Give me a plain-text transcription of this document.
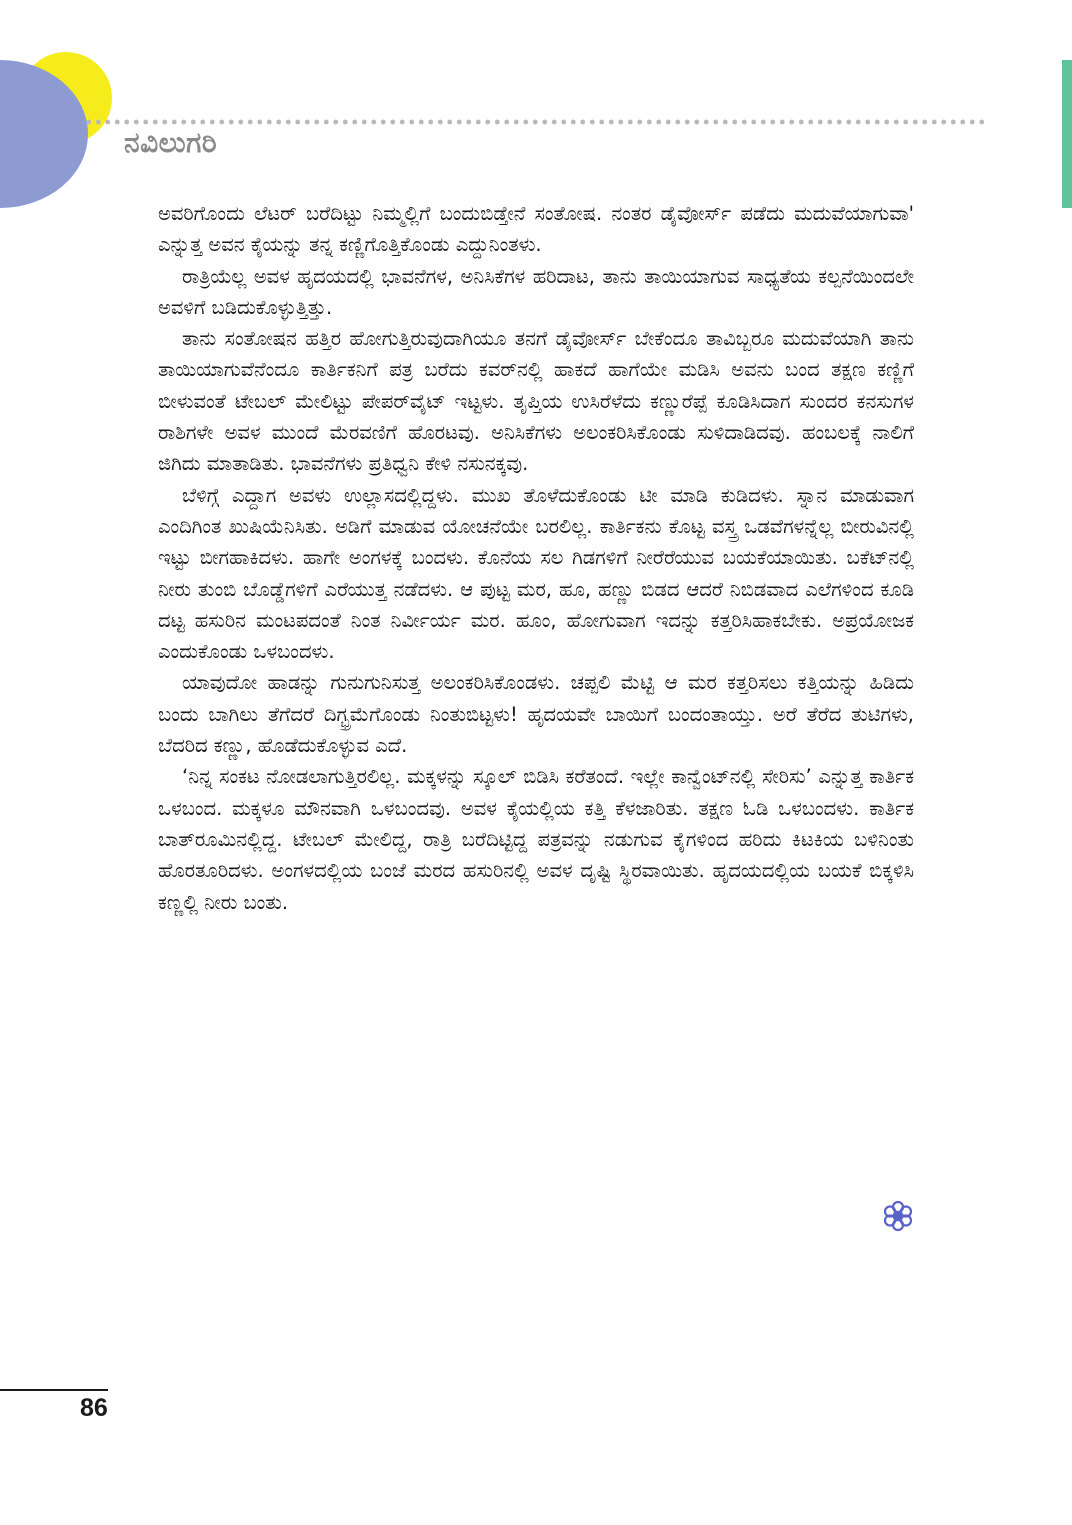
ನವಿಲುಗರಿ

ಅವರಿಗೊಂದು ಲೆಟರ್ ಬರೆದಿಟ್ಟು ನಿಮ್ಮಲ್ಲಿಗೆ ಬಂದುಬಿಡ್ತೇನೆ ಸಂತೋಷ. ನಂತರ ಡೈವೋರ್ಸ್ ಪಡೆದು ಮದುವೆಯಾಗುವಾ' ಎನ್ನುತ್ತ ಅವನ ಕೈಯನ್ನು ತನ್ನ ಕಣ್ಣಿಗೊತ್ತಿಕೊಂಡು ಎದ್ದುನಿಂತಳು.

ರಾತ್ರಿಯೆಲ್ಲ ಅವಳ ಹೃದಯದಲ್ಲಿ ಭಾವನೆಗಳ, ಅನಿಸಿಕೆಗಳ ಹರಿದಾಟ, ತಾನು ತಾಯಿಯಾಗುವ ಸಾಧ್ಯತೆಯ ಕಲ್ಪನೆಯಿಂದಲೇ ಅವಳಿಗೆ ಬಡಿದುಕೊಳ್ಳುತ್ತಿತ್ತು.

ತಾನು ಸಂತೋಷನ ಹತ್ತಿರ ಹೋಗುತ್ತಿರುವುದಾಗಿಯೂ ತನಗೆ ಡೈವೋರ್ಸ್ ಬೇಕೆಂದೂ ತಾವಿಬ್ಬರೂ ಮದುವೆಯಾಗಿ ತಾನು ತಾಯಿಯಾಗುವೆನೆಂದೂ ಕಾರ್ತಿಕನಿಗೆ ಪತ್ರ ಬರೆದು ಕವರ್‌ನಲ್ಲಿ ಹಾಕದೆ ಹಾಗೆಯೇ ಮಡಿಸಿ ಅವನು ಬಂದ ತಕ್ಷಣ ಕಣ್ಣಿಗೆ ಬೀಳುವಂತೆ ಟೇಬಲ್ ಮೇಲಿಟ್ಟು ಪೇಪರ್‌ವೈಟ್ ಇಟ್ಟಳು. ತೃಪ್ತಿಯ ಉಸಿರೆಳೆದು ಕಣ್ಣುರೆಪ್ಪೆ ಕೂಡಿಸಿದಾಗ ಸುಂದರ ಕನಸುಗಳ ರಾಶಿಗಳೇ ಅವಳ ಮುಂದೆ ಮೆರವಣಿಗೆ ಹೊರಟವು. ಅನಿಸಿಕೆಗಳು ಅಲಂಕರಿಸಿಕೊಂಡು ಸುಳಿದಾಡಿದವು. ಹಂಬಲಕ್ಕೆ ನಾಲಿಗೆ ಜಿಗಿದು ಮಾತಾಡಿತು. ಭಾವನೆಗಳು ಪ್ರತಿಧ್ವನಿ ಕೇಳಿ ನಸುನಕ್ಕವು.

ಬೆಳಿಗ್ಗೆ ಎದ್ದಾಗ ಅವಳು ಉಲ್ಲಾಸದಲ್ಲಿದ್ದಳು. ಮುಖ ತೊಳೆದುಕೊಂಡು ಟೀ ಮಾಡಿ ಕುಡಿದಳು. ಸ್ನಾನ ಮಾಡುವಾಗ ಎಂದಿಗಿಂತ ಖುಷಿಯೆನಿಸಿತು. ಅಡಿಗೆ ಮಾಡುವ ಯೋಚನೆಯೇ ಬರಲಿಲ್ಲ. ಕಾರ್ತಿಕನು ಕೊಟ್ಟ ವಸ್ತ್ರ ಒಡವೆಗಳನ್ನೆಲ್ಲ ಬೀರುವಿನಲ್ಲಿ ಇಟ್ಟು ಬೀಗಹಾಕಿದಳು. ಹಾಗೇ ಅಂಗಳಕ್ಕೆ ಬಂದಳು. ಕೊನೆಯ ಸಲ ಗಿಡಗಳಿಗೆ ನೀರೆರೆಯುವ ಬಯಕೆಯಾಯಿತು. ಬಕೆಟ್‌ನಲ್ಲಿ ನೀರು ತುಂಬಿ ಬೊಡ್ಡೆಗಳಿಗೆ ಎರೆಯುತ್ತ ನಡೆದಳು. ಆ ಪುಟ್ಟ ಮರ, ಹೂ, ಹಣ್ಣು ಬಿಡದ ಆದರೆ ನಿಬಿಡವಾದ ಎಲೆಗಳಿಂದ ಕೂಡಿ ದಟ್ಟ ಹಸುರಿನ ಮಂಟಪದಂತೆ ನಿಂತ ನಿರ್ವೀರ್ಯ ಮರ. ಹೂಂ, ಹೋಗುವಾಗ ಇದನ್ನು ಕತ್ತರಿಸಿಹಾಕಬೇಕು. ಅಪ್ರಯೋಜಕ ಎಂದುಕೊಂಡು ಒಳಬಂದಳು.

ಯಾವುದೋ ಹಾಡನ್ನು ಗುನುಗುನಿಸುತ್ತ ಅಲಂಕರಿಸಿಕೊಂಡಳು. ಚಪ್ಪಲಿ ಮೆಟ್ಟಿ ಆ ಮರ ಕತ್ತರಿಸಲು ಕತ್ತಿಯನ್ನು ಹಿಡಿದು ಬಂದು ಬಾಗಿಲು ತೆಗೆದರೆ ದಿಗ್ಭ್ರಮೆಗೊಂಡು ನಿಂತುಬಿಟ್ಟಳು! ಹೃದಯವೇ ಬಾಯಿಗೆ ಬಂದಂತಾಯ್ತು. ಅರೆ ತೆರೆದ ತುಟಿಗಳು, ಬೆದರಿದ ಕಣ್ಣು, ಹೊಡೆದುಕೊಳ್ಳುವ ಎದೆ.

‘ನಿನ್ನ ಸಂಕಟ ನೋಡಲಾಗುತ್ತಿರಲಿಲ್ಲ. ಮಕ್ಕಳನ್ನು ಸ್ಕೂಲ್ ಬಿಡಿಸಿ ಕರೆತಂದೆ. ಇಲ್ಲೇ ಕಾನ್ವೆಂಟ್‌ನಲ್ಲಿ ಸೇರಿಸು’ ಎನ್ನುತ್ತ ಕಾರ್ತಿಕ ಒಳಬಂದ. ಮಕ್ಕಳೂ ಮೌನವಾಗಿ ಒಳಬಂದವು. ಅವಳ ಕೈಯಲ್ಲಿಯ ಕತ್ತಿ ಕೆಳಜಾರಿತು. ತಕ್ಷಣ ಓಡಿ ಒಳಬಂದಳು. ಕಾರ್ತಿಕ ಬಾತ್‌ರೂಮಿನಲ್ಲಿದ್ದ. ಟೇಬಲ್ ಮೇಲಿದ್ದ, ರಾತ್ರಿ ಬರೆದಿಟ್ಟಿದ್ದ ಪತ್ರವನ್ನು ನಡುಗುವ ಕೈಗಳಿಂದ ಹರಿದು ಕಿಟಕಿಯ ಬಳಿನಿಂತು ಹೊರತೂರಿದಳು. ಅಂಗಳದಲ್ಲಿಯ ಬಂಜೆ ಮರದ ಹಸುರಿನಲ್ಲಿ ಅವಳ ದೃಷ್ಟಿ ಸ್ಥಿರವಾಯಿತು. ಹೃದಯದಲ್ಲಿಯ ಬಯಕೆ ಬಿಕ್ಕಳಿಸಿ ಕಣ್ಣಲ್ಲಿ ನೀರು ಬಂತು.

86
